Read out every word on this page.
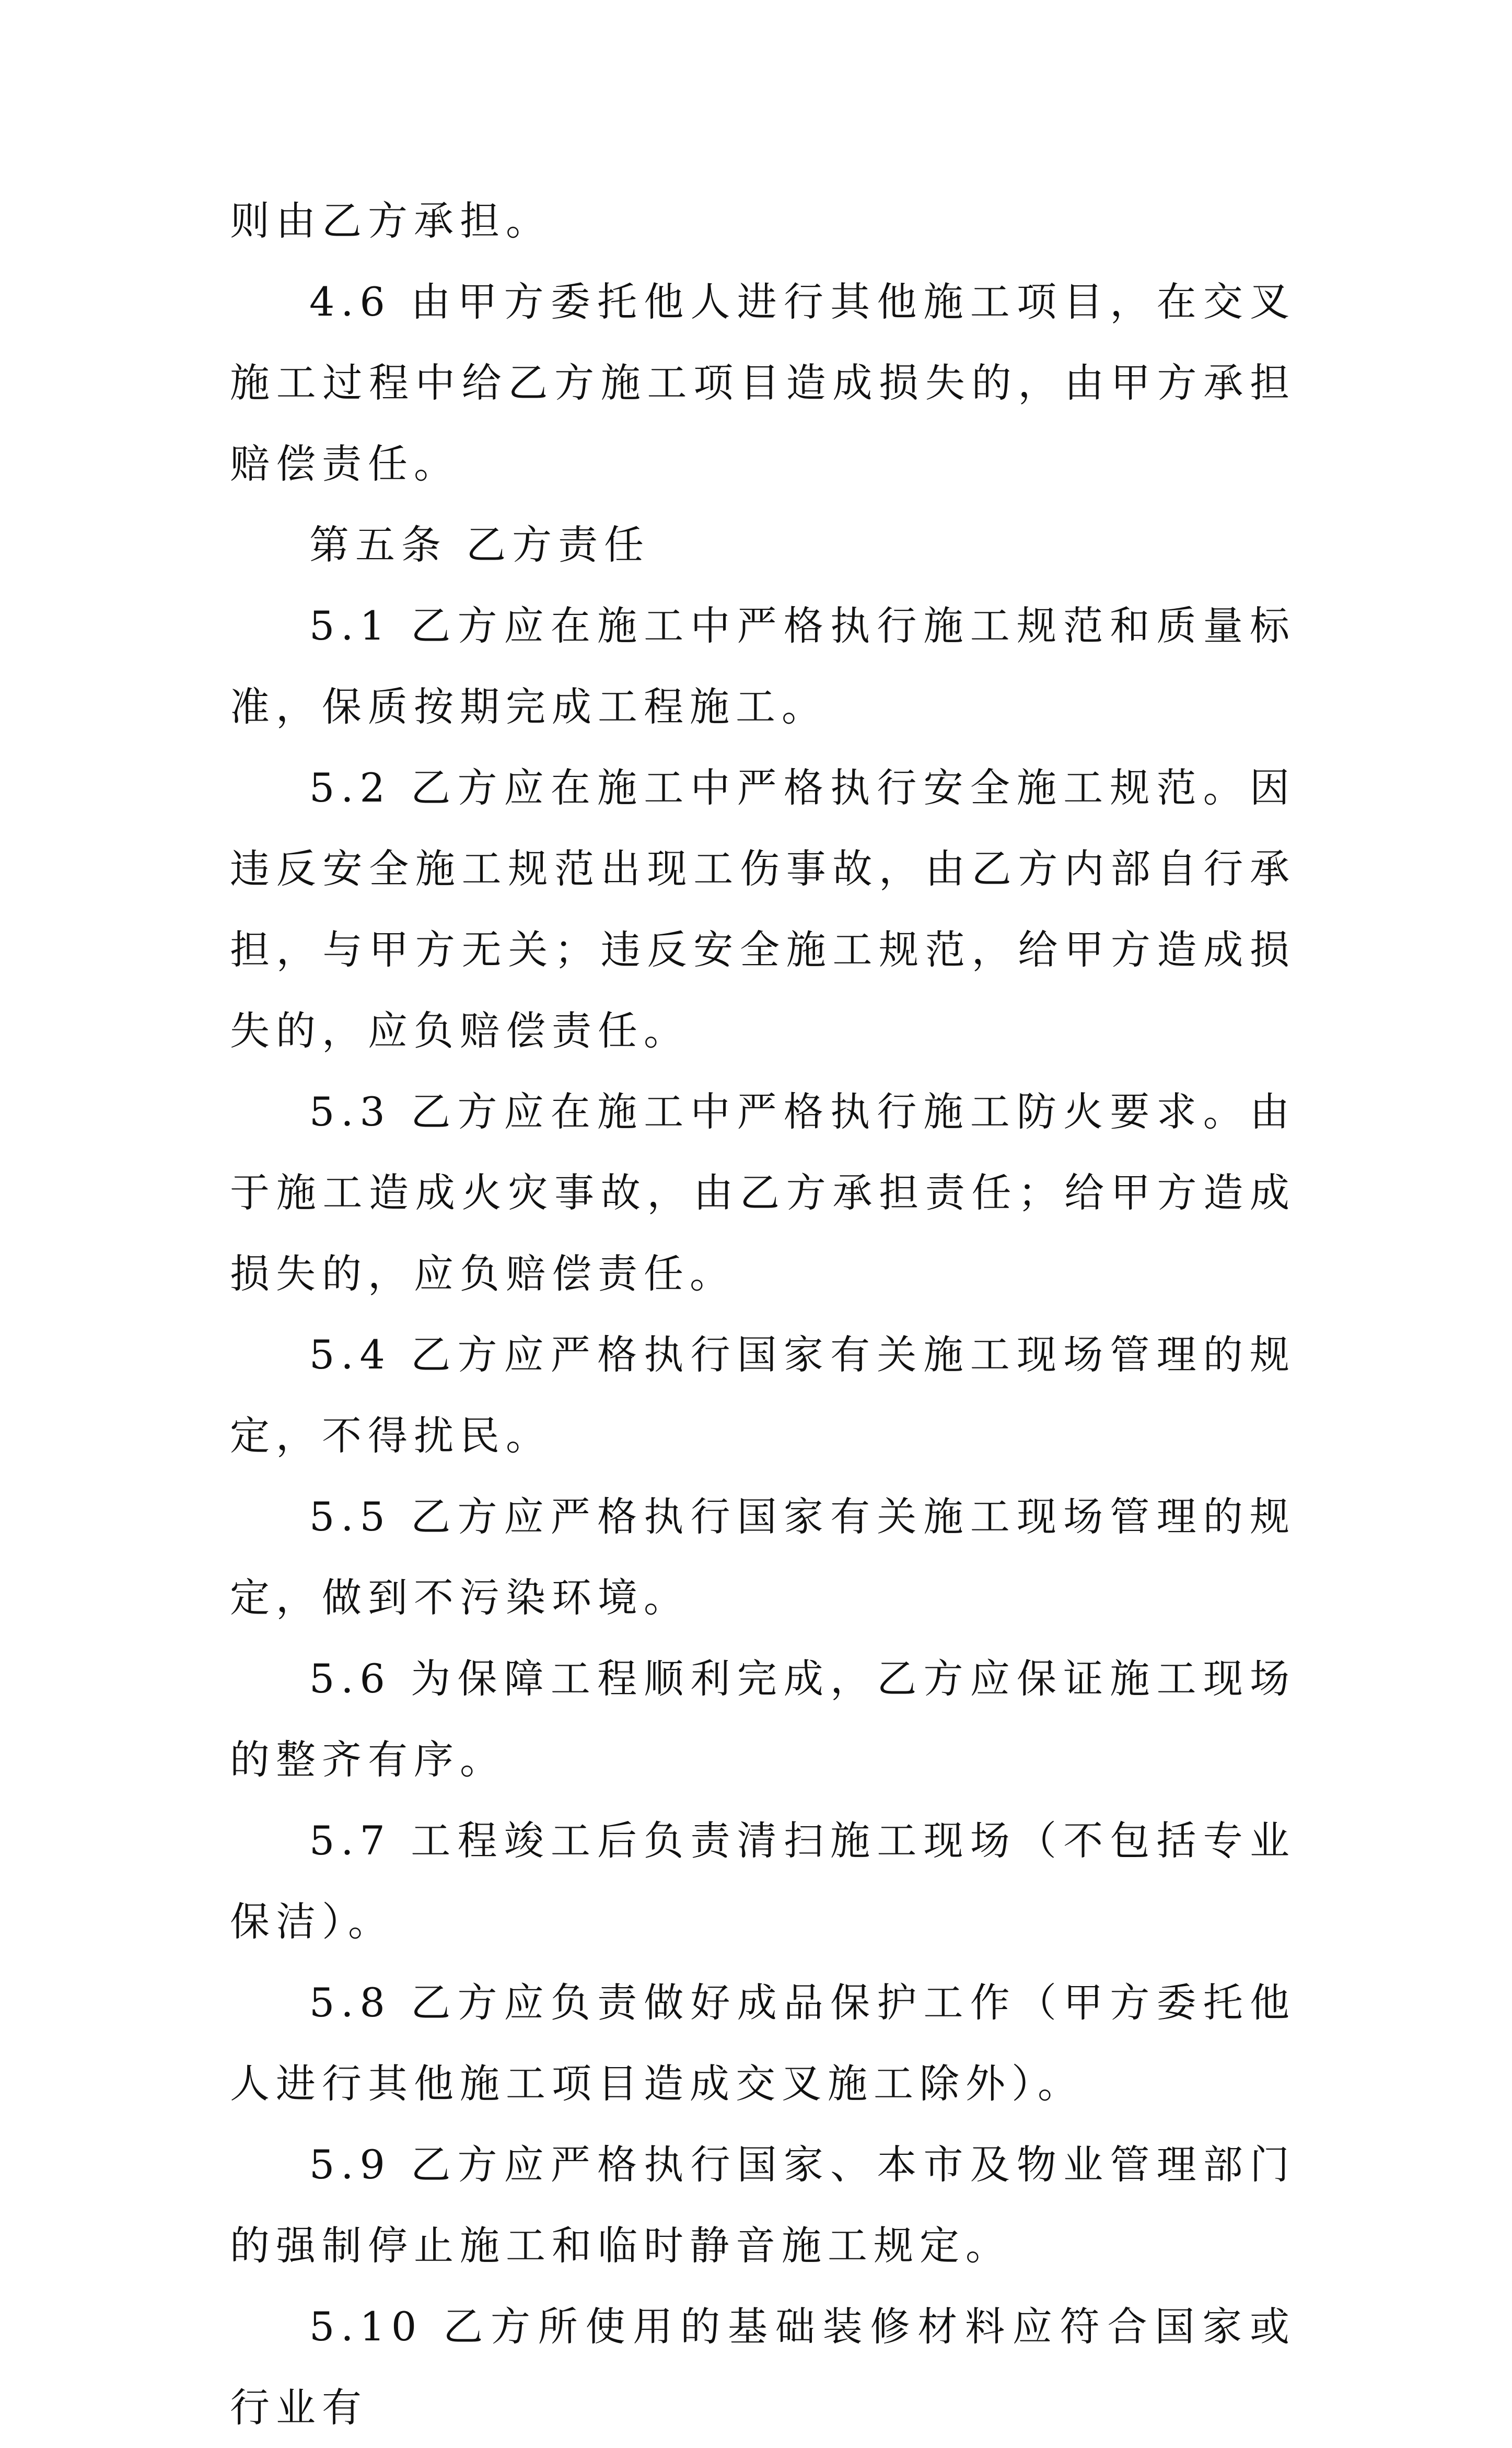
则由乙方承担。

4.6 由甲方委托他人进行其他施工项目，在交叉施工过程中给乙方施工项目造成损失的，由甲方承担赔偿责任。

第五条 乙方责任

5.1 乙方应在施工中严格执行施工规范和质量标准，保质按期完成工程施工。

5.2 乙方应在施工中严格执行安全施工规范。因违反安全施工规范出现工伤事故，由乙方内部自行承担，与甲方无关；违反安全施工规范，给甲方造成损失的，应负赔偿责任。

5.3 乙方应在施工中严格执行施工防火要求。由于施工造成火灾事故，由乙方承担责任；给甲方造成损失的，应负赔偿责任。

5.4 乙方应严格执行国家有关施工现场管理的规定，不得扰民。

5.5 乙方应严格执行国家有关施工现场管理的规定，做到不污染环境。

5.6 为保障工程顺利完成，乙方应保证施工现场的整齐有序。

5.7 工程竣工后负责清扫施工现场（不包括专业保洁）。

5.8 乙方应负责做好成品保护工作（甲方委托他人进行其他施工项目造成交叉施工除外）。

5.9 乙方应严格执行国家、本市及物业管理部门的强制停止施工和临时静音施工规定。

5.10 乙方所使用的基础装修材料应符合国家或行业有
